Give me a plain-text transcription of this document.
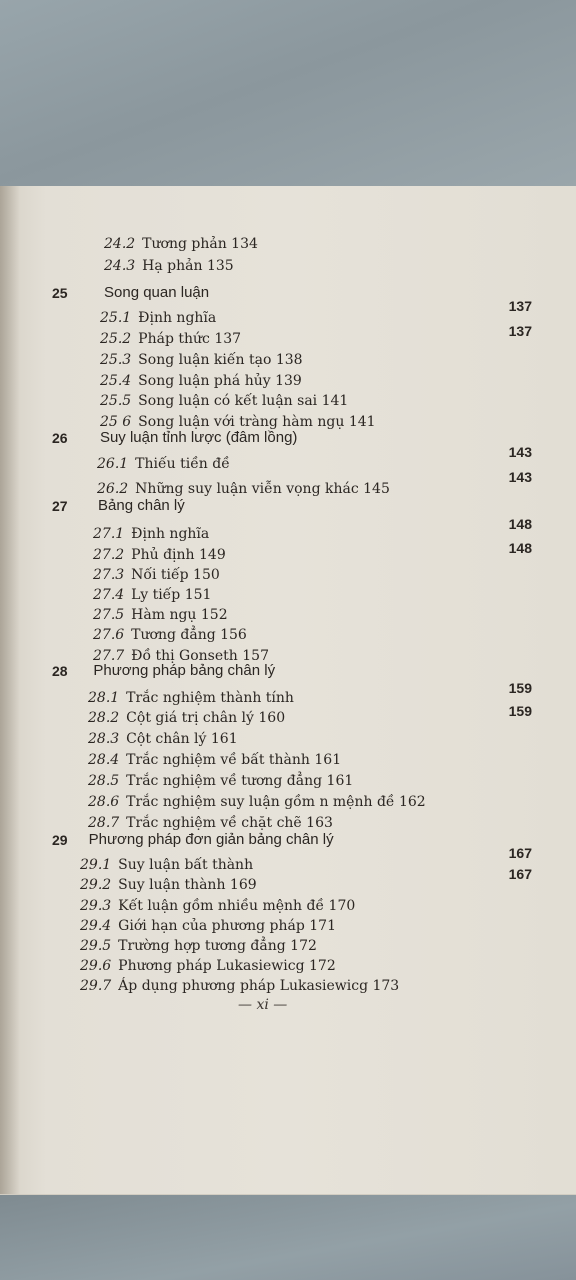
24.2 Tương phản 134
24.3 Hạ phản 135
25 Song quan luận
137
25.1 Định nghĩa
137
25.2 Pháp thức 137
25.3 Song luận kiến tạo 138
25.4 Song luận phá hủy 139
25.5 Song luận có kết luận sai 141
25 6 Song luận với tràng hàm ngụ 141
26 Suy luận tỉnh lược (đâm lồng)
143
26.1 Thiếu tiền đề
143
26.2 Những suy luận viễn vọng khác 145
27 Bảng chân lý
148
27.1 Định nghĩa
148
27.2 Phủ định 149
27.3 Nối tiếp 150
27.4 Ly tiếp 151
27.5 Hàm ngụ 152
27.6 Tương đẳng 156
27.7 Đồ thị Gonseth 157
28 Phương pháp bảng chân lý
159
28.1 Trắc nghiệm thành tính
159
28.2 Cột giá trị chân lý 160
28.3 Cột chân lý 161
28.4 Trắc nghiệm về bất thành 161
28.5 Trắc nghiệm về tương đẳng 161
28.6 Trắc nghiệm suy luận gồm n mệnh đề 162
28.7 Trắc nghiệm về chặt chẽ 163
29 Phương pháp đơn giản bảng chân lý
167
29.1 Suy luận bất thành
167
29.2 Suy luận thành 169
29.3 Kết luận gồm nhiều mệnh đề 170
29.4 Giới hạn của phương pháp 171
29.5 Trường hợp tương đẳng 172
29.6 Phương pháp Lukasiewicg 172
29.7 Áp dụng phương pháp Lukasiewicg 173
— xi —
